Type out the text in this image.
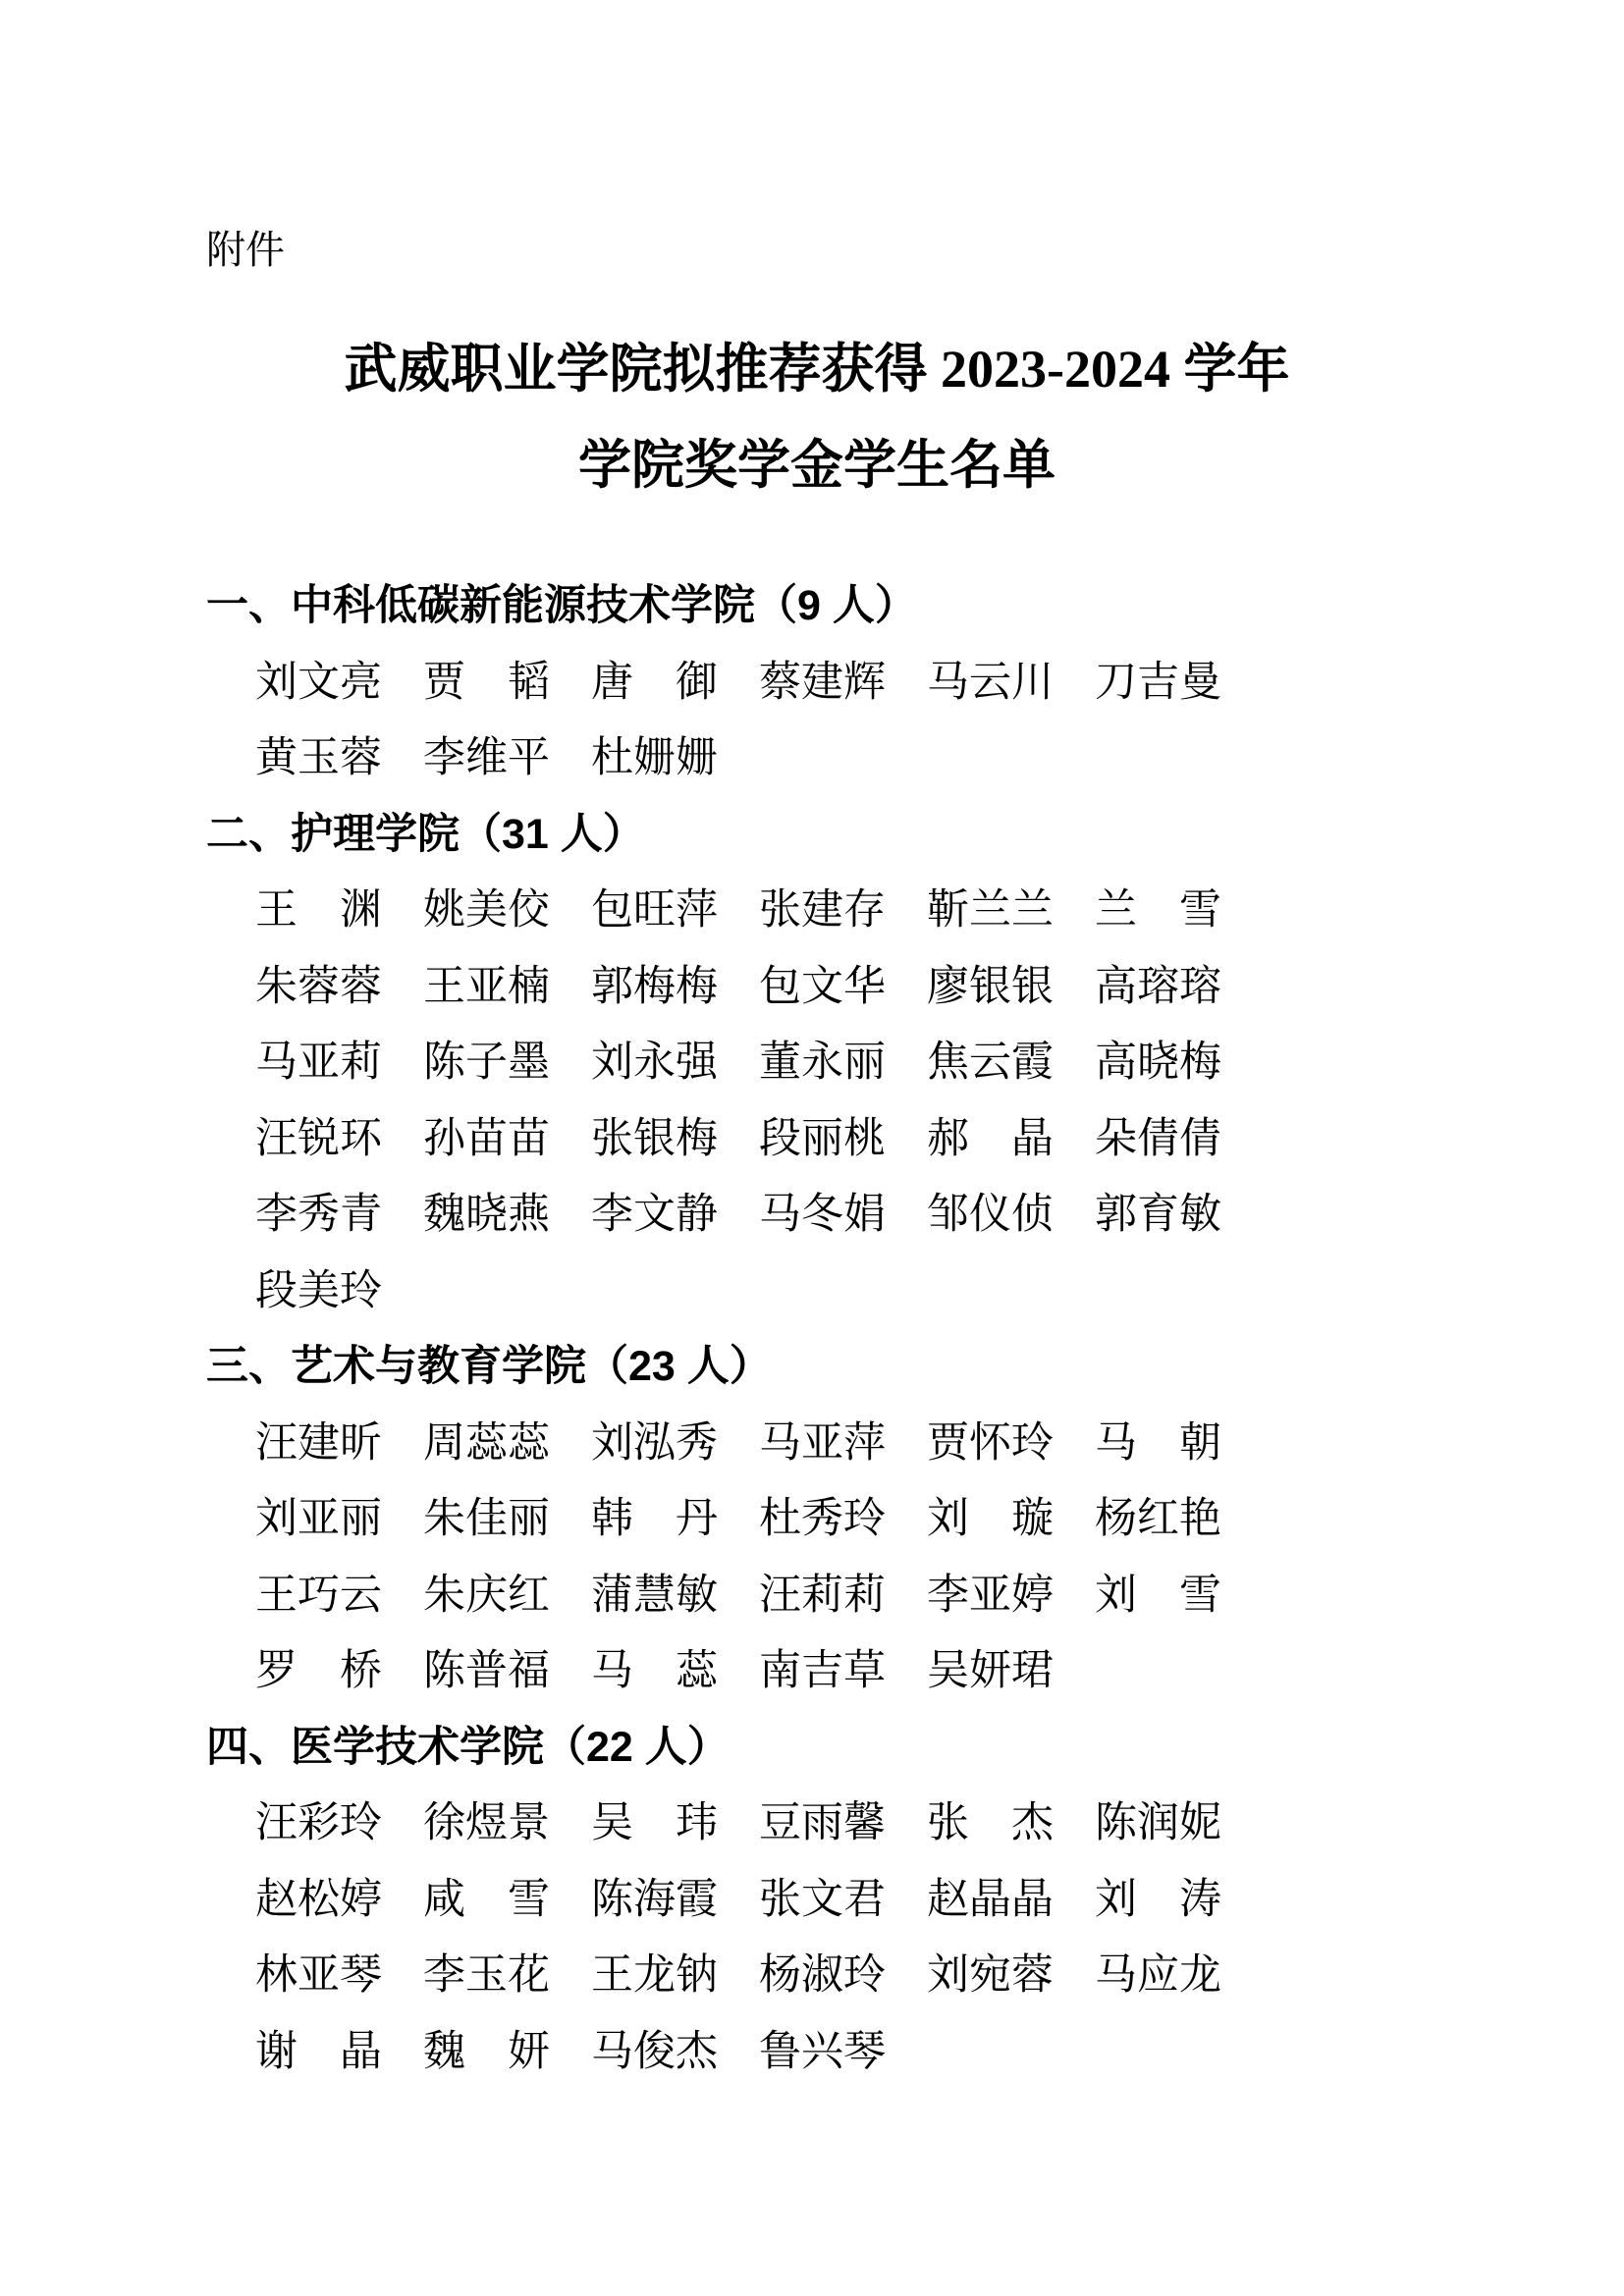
附件
武威职业学院拟推荐获得 2023-2024 学年
学院奖学金学生名单
一、中科低碳新能源技术学院（9 人）
刘文亮 贾　韬 唐　御 蔡建辉 马云川 刀吉曼
黄玉蓉 李维平 杜姗姗
二、护理学院（31 人）
王　渊 姚美佼 包旺萍 张建存 靳兰兰 兰　雪
朱蓉蓉 王亚楠 郭梅梅 包文华 廖银银 高瑢瑢
马亚莉 陈子墨 刘永强 董永丽 焦云霞 高晓梅
汪锐环 孙苗苗 张银梅 段丽桃 郝　晶 朵倩倩
李秀青 魏晓燕 李文静 马冬娟 邹仪侦 郭育敏
段美玲
三、艺术与教育学院（23 人）
汪建昕 周蕊蕊 刘泓秀 马亚萍 贾怀玲 马　朝
刘亚丽 朱佳丽 韩　丹 杜秀玲 刘　璇 杨红艳
王巧云 朱庆红 蒲慧敏 汪莉莉 李亚婷 刘　雪
罗　桥 陈普福 马　蕊 南吉草 吴妍珺
四、医学技术学院（22 人）
汪彩玲 徐煜景 吴　玮 豆雨馨 张　杰 陈润妮
赵松婷 咸　雪 陈海霞 张文君 赵晶晶 刘　涛
林亚琴 李玉花 王龙钠 杨淑玲 刘宛蓉 马应龙
谢　晶 魏　妍 马俊杰 鲁兴琴
